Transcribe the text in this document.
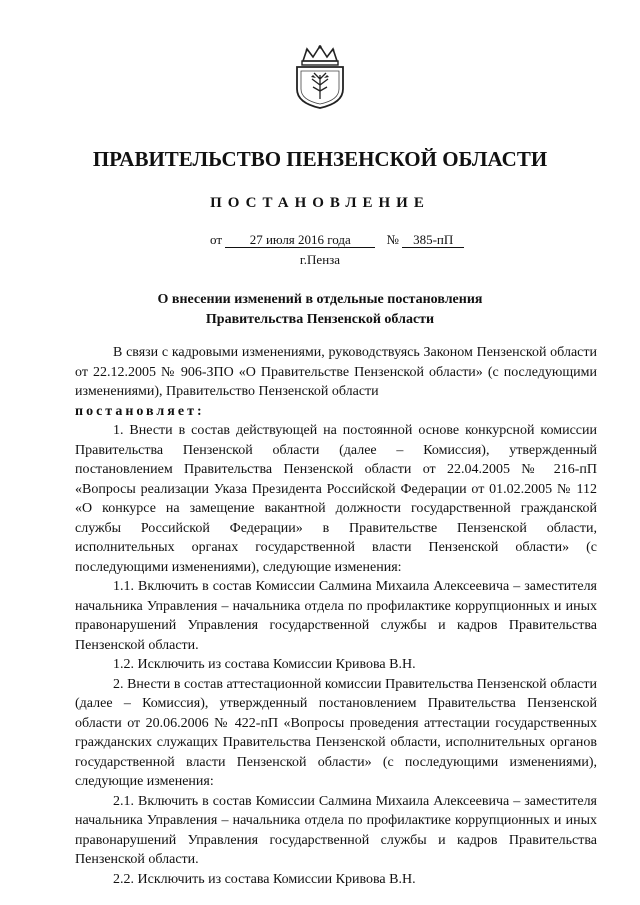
ПРАВИТЕЛЬСТВО ПЕНЗЕНСКОЙ ОБЛАСТИ
ПОСТАНОВЛЕНИЕ
от 27 июля 2016 года	№ 385-пП
г.Пенза
О внесении изменений в отдельные постановления
Правительства Пензенской области

В связи с кадровыми изменениями, руководствуясь Законом Пензенской области от 22.12.2005 № 906-ЗПО «О Правительстве Пензенской области» (с последующими изменениями), Правительство Пензенской области

постановляет:

1. Внести в состав действующей на постоянной основе конкурсной комиссии Правительства Пензенской области (далее – Комиссия), утвержденный постановлением Правительства Пензенской области от 22.04.2005 № 216-пП «Вопросы реализации Указа Президента Российской Федерации от 01.02.2005 № 112 «О конкурсе на замещение вакантной должности государственной гражданской службы Российской Федерации» в Правительстве Пензенской области, исполнительных органах государственной власти Пензенской области» (с последующими изменениями), следующие изменения:

1.1. Включить в состав Комиссии Салмина Михаила Алексеевича – заместителя начальника Управления – начальника отдела по профилактике коррупционных и иных правонарушений Управления государственной службы и кадров Правительства Пензенской области.

1.2. Исключить из состава Комиссии Кривова В.Н.

2. Внести в состав аттестационной комиссии Правительства Пензенской области (далее – Комиссия), утвержденный постановлением Правительства Пензенской области от 20.06.2006 № 422-пП «Вопросы проведения аттестации государственных гражданских служащих Правительства Пензенской области, исполнительных органов государственной власти Пензенской области» (с последующими изменениями), следующие изменения:

2.1. Включить в состав Комиссии Салмина Михаила Алексеевича – заместителя начальника Управления – начальника отдела по профилактике коррупционных и иных правонарушений Управления государственной службы и кадров Правительства Пензенской области.

2.2. Исключить из состава Комиссии Кривова В.Н.
